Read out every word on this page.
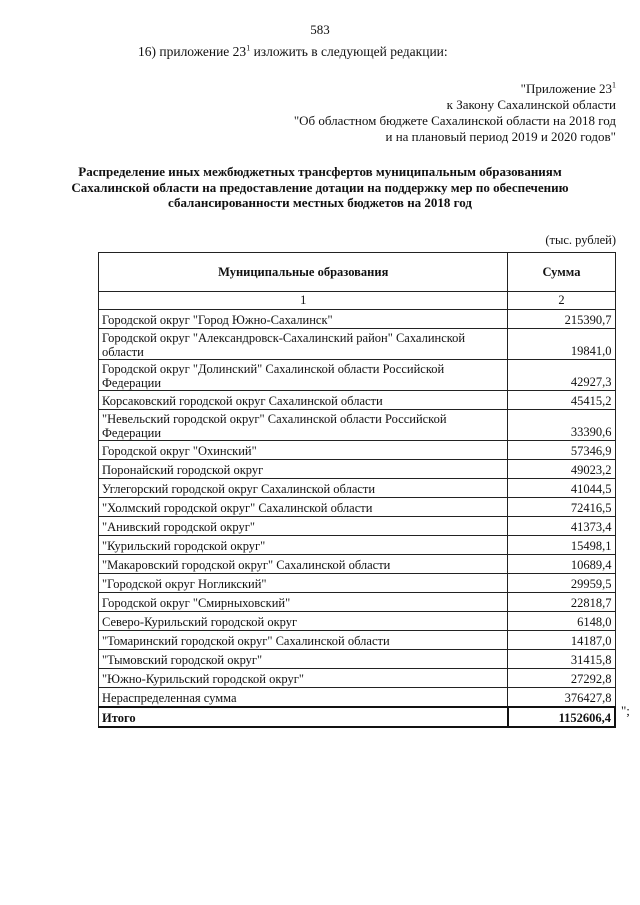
583
16) приложение $23^1$ изложить в следующей редакции:
"Приложение $23^1$
к Закону Сахалинской области
"Об областном бюджете Сахалинской области на 2018 год
и на плановый период 2019 и 2020 годов"
Распределение иных межбюджетных трансфертов муниципальным образованиям
Сахалинской области на предоставление дотации на поддержку мер по обеспечению
сбалансированности местных бюджетов на 2018 год
(тыс. рублей)
Муниципальные образования	Сумма
1	2
Городской округ "Город Южно-Сахалинск"	215390,7
Городской округ "Александровск-Сахалинский район" Сахалинской области	19841,0
Городской округ "Долинский" Сахалинской области Российской Федерации	42927,3
Корсаковский городской округ Сахалинской области	45415,2
"Невельский городской округ" Сахалинской области Российской Федерации	33390,6
Городской округ "Охинский"	57346,9
Поронайский городской округ	49023,2
Углегорский городской округ Сахалинской области	41044,5
"Холмский городской округ" Сахалинской области	72416,5
"Анивский городской округ"	41373,4
"Курильский городской округ"	15498,1
"Макаровский городской округ" Сахалинской области	10689,4
"Городской округ Ногликский"	29959,5
Городской округ "Смирныховский"	22818,7
Северо-Курильский городской округ	6148,0
"Томаринский городской округ" Сахалинской области	14187,0
"Тымовский городской округ"	31415,8
"Южно-Курильский городской округ"	27292,8
Нераспределенная сумма	376427,8
Итого	1152606,4 ";
